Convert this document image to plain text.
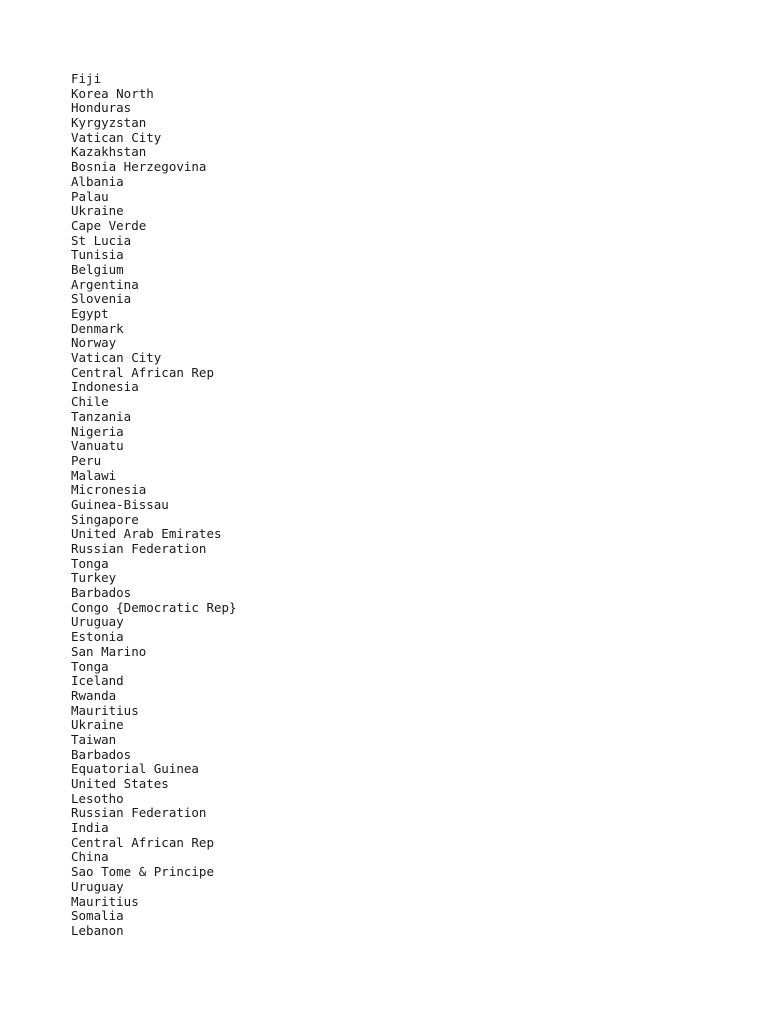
Fiji
Korea North
Honduras
Kyrgyzstan
Vatican City
Kazakhstan
Bosnia Herzegovina
Albania
Palau
Ukraine
Cape Verde
St Lucia
Tunisia
Belgium
Argentina
Slovenia
Egypt
Denmark
Norway
Vatican City
Central African Rep
Indonesia
Chile
Tanzania
Nigeria
Vanuatu
Peru
Malawi
Micronesia
Guinea-Bissau
Singapore
United Arab Emirates
Russian Federation
Tonga
Turkey
Barbados
Congo {Democratic Rep}
Uruguay
Estonia
San Marino
Tonga
Iceland
Rwanda
Mauritius
Ukraine
Taiwan
Barbados
Equatorial Guinea
United States
Lesotho
Russian Federation
India
Central African Rep
China
Sao Tome & Principe
Uruguay
Mauritius
Somalia
Lebanon
